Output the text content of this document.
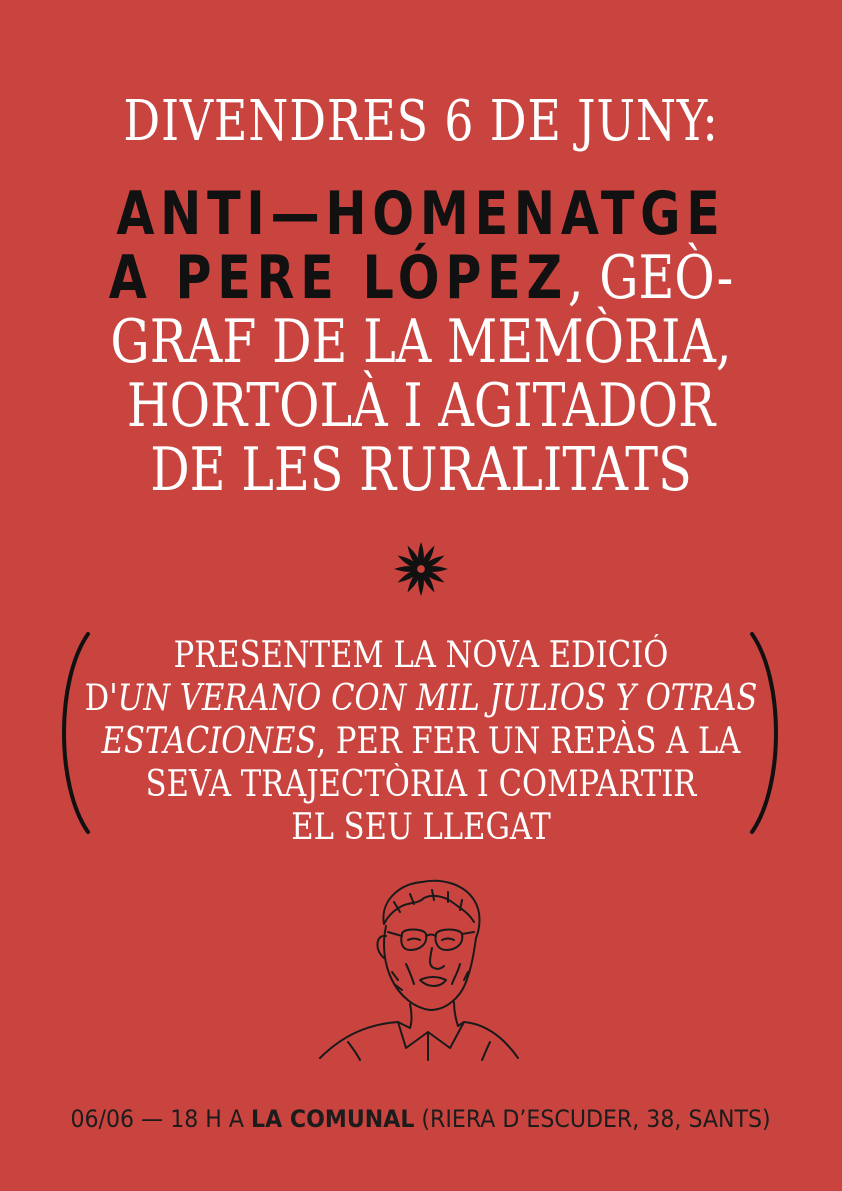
DIVENDRES 6 DE JUNY:
ANTI—HOMENATGE
A PERE LÓPEZ, GEÒ-
GRAF DE LA MEMÒRIA,
HORTOLÀ I AGITADOR
DE LES RURALITATS
PRESENTEM LA NOVA EDICIÓ
D'UN VERANO CON MIL JULIOS Y OTRAS
ESTACIONES, PER FER UN REPÀS A LA
SEVA TRAJECTÒRIA I COMPARTIR
EL SEU LLEGAT
06/06 — 18 H A LA COMUNAL (RIERA D’ESCUDER, 38, SANTS)
